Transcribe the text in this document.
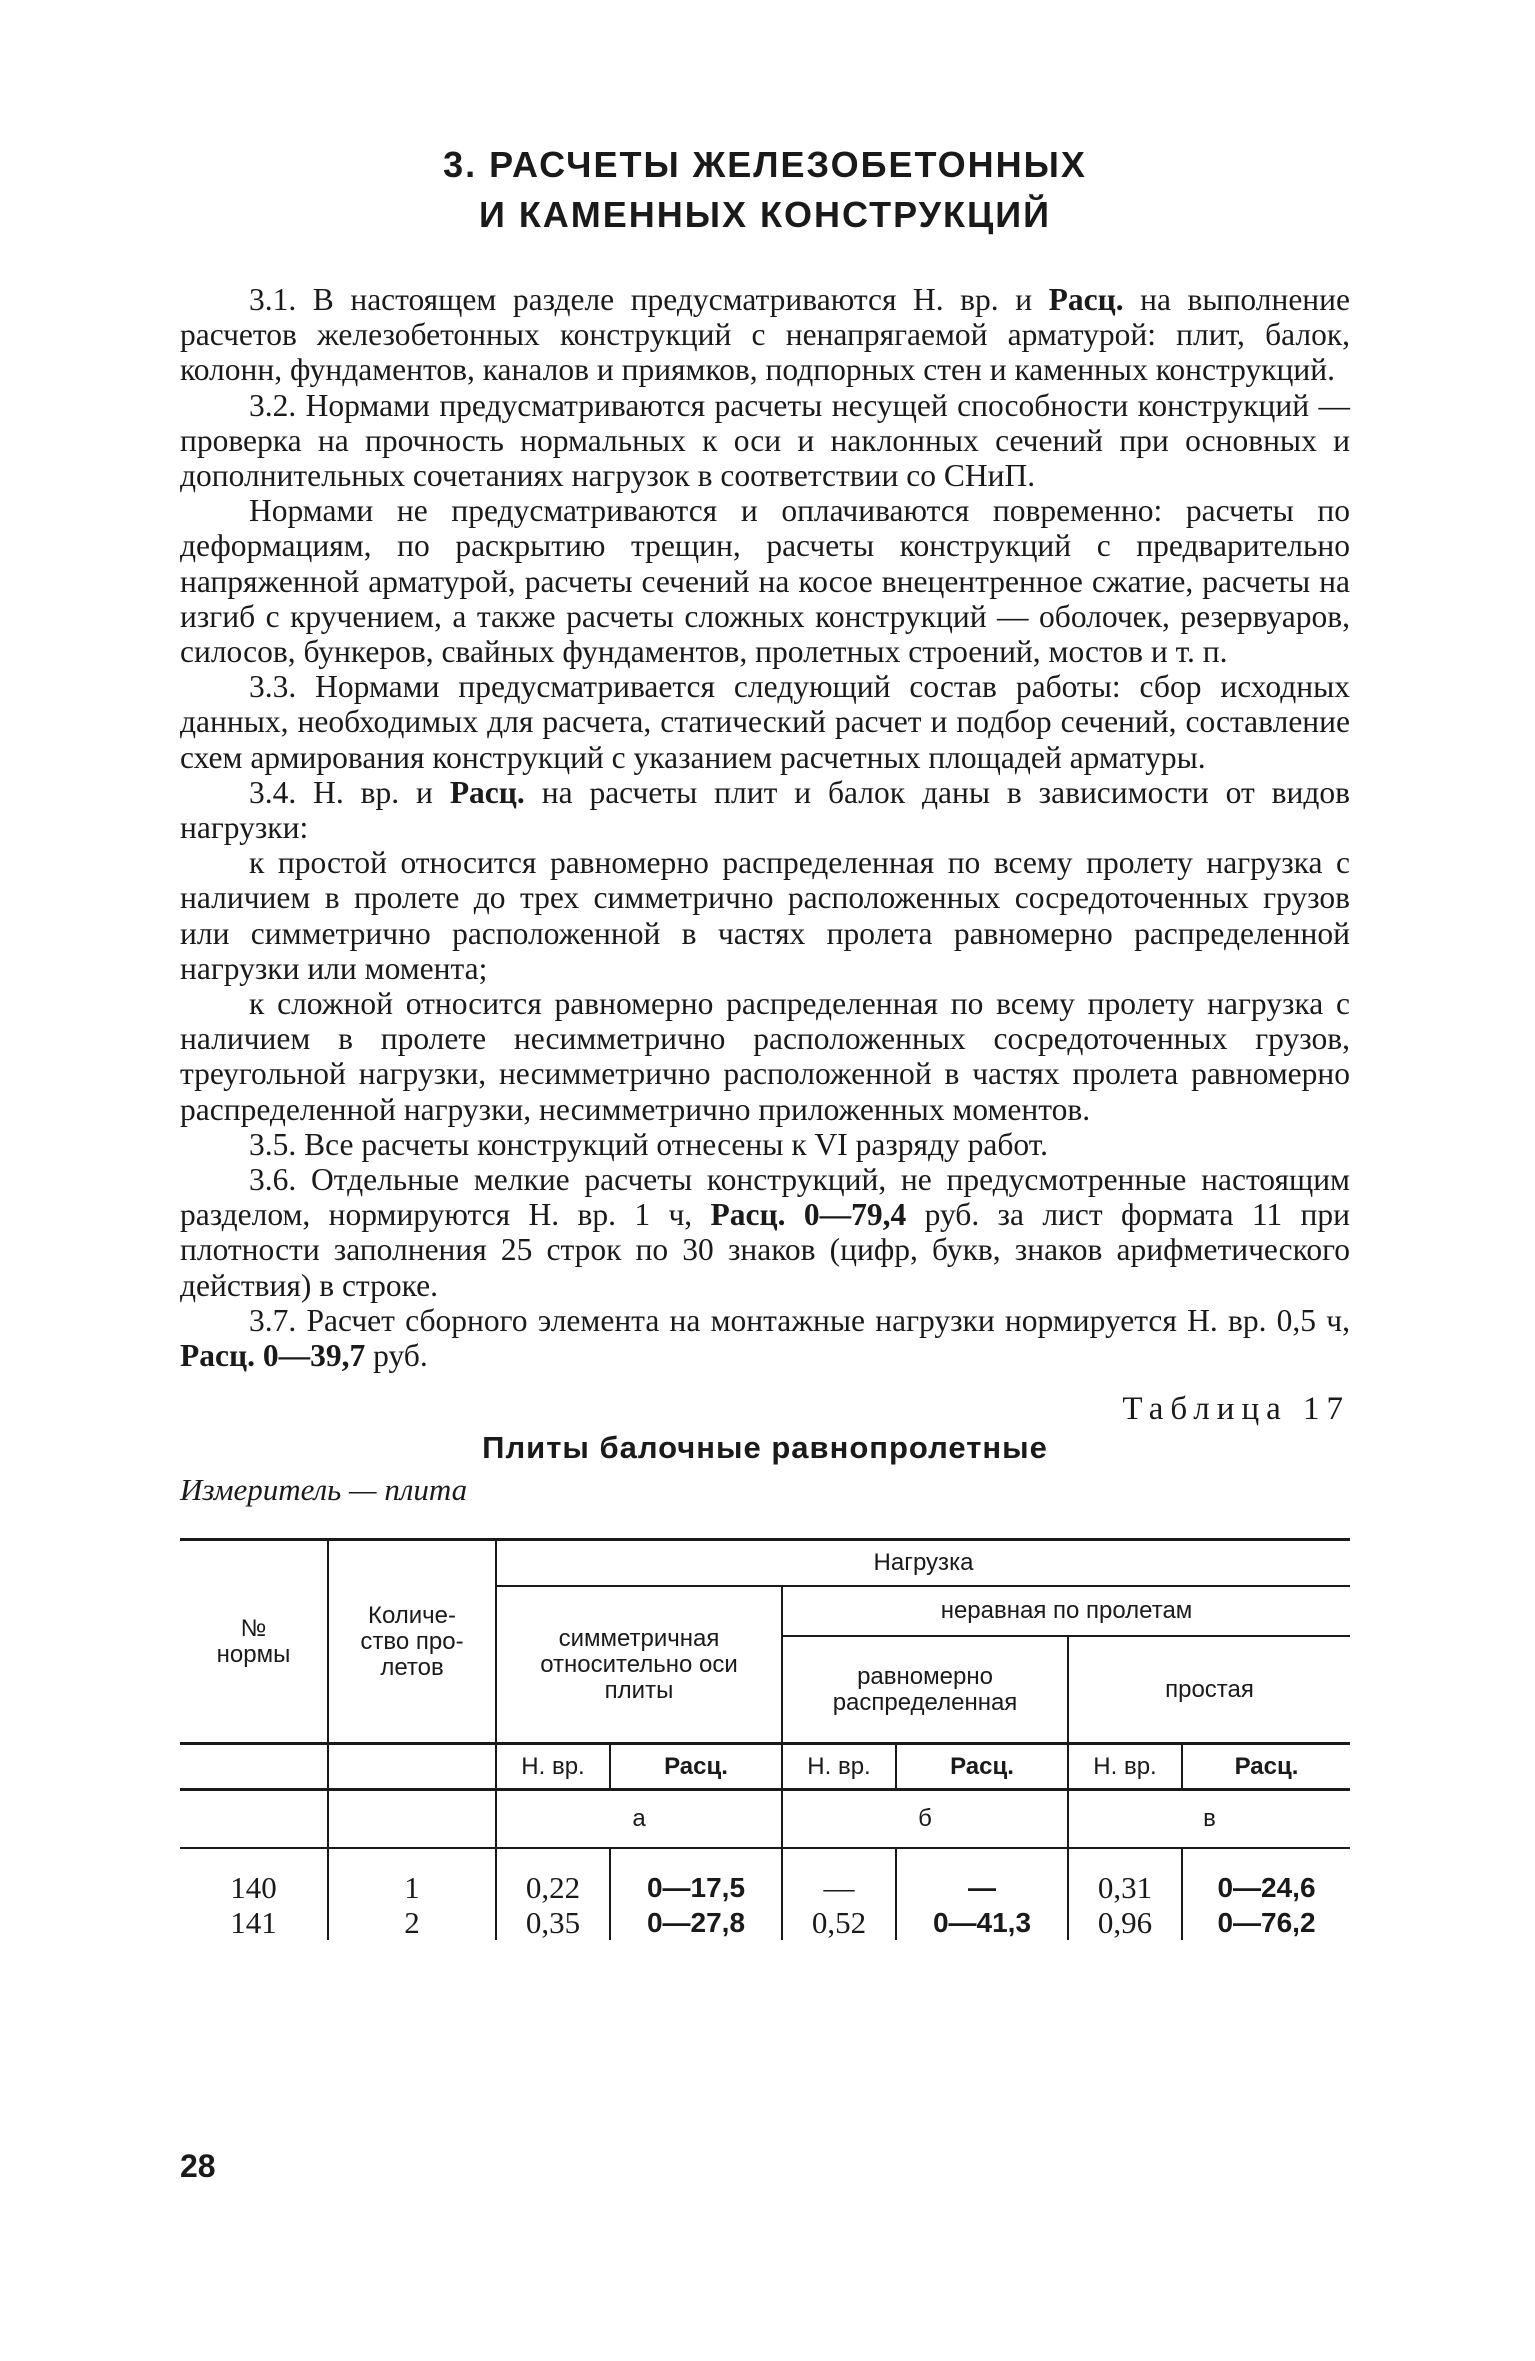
3. РАСЧЕТЫ ЖЕЛЕЗОБЕТОННЫХ
И КАМЕННЫХ КОНСТРУКЦИЙ

3.1. В настоящем разделе предусматриваются Н. вр. и Расц. на выполнение расчетов железобетонных конструкций с ненапрягаемой арматурой: плит, балок, колонн, фундаментов, каналов и приямков, подпорных стен и каменных конструкций.

3.2. Нормами предусматриваются расчеты несущей способности конструкций — проверка на прочность нормальных к оси и наклонных сечений при основных и дополнительных сочетаниях нагрузок в соответствии со СНиП.

Нормами не предусматриваются и оплачиваются повременно: расчеты по деформациям, по раскрытию трещин, расчеты конструкций с предварительно напряженной арматурой, расчеты сечений на косое внецентренное сжатие, расчеты на изгиб с кручением, а также расчеты сложных конструкций — оболочек, резервуаров, силосов, бункеров, свайных фундаментов, пролетных строений, мостов и т. п.

3.3. Нормами предусматривается следующий состав работы: сбор исходных данных, необходимых для расчета, статический расчет и подбор сечений, составление схем армирования конструкций с указанием расчетных площадей арматуры.

3.4. Н. вр. и Расц. на расчеты плит и балок даны в зависимости от видов нагрузки:

к простой относится равномерно распределенная по всему пролету нагрузка с наличием в пролете до трех симметрично расположенных сосредоточенных грузов или симметрично расположенной в частях пролета равномерно распределенной нагрузки или момента;

к сложной относится равномерно распределенная по всему пролету нагрузка с наличием в пролете несимметрично расположенных сосредоточенных грузов, треугольной нагрузки, несимметрично расположенной в частях пролета равномерно распределенной нагрузки, несимметрично приложенных моментов.

3.5. Все расчеты конструкций отнесены к VI разряду работ.

3.6. Отдельные мелкие расчеты конструкций, не предусмотренные настоящим разделом, нормируются Н. вр. 1 ч, Расц. 0—79,4 руб. за лист формата 11 при плотности заполнения 25 строк по 30 знаков (цифр, букв, знаков арифметического действия) в строке.

3.7. Расчет сборного элемента на монтажные нагрузки нормируется Н. вр. 0,5 ч, Расц. 0—39,7 руб.

Таблица 17
Плиты балочные равнопролетные
Измеритель — плита
№ нормы	Количество пролетов	Нагрузка					
		симметричная относительно оси плиты		неравная по пролетам			
				равномерно распределенная		простая	
		Н. вр.	Расц.	Н. вр.	Расц.	Н. вр.	Расц.
		а		б		в	

140	1	0,22	0—17,5	—	—	0,31	0—24,6
141	2	0,35	0—27,8	0,52	0—41,3	0,96	0—76,2
28
